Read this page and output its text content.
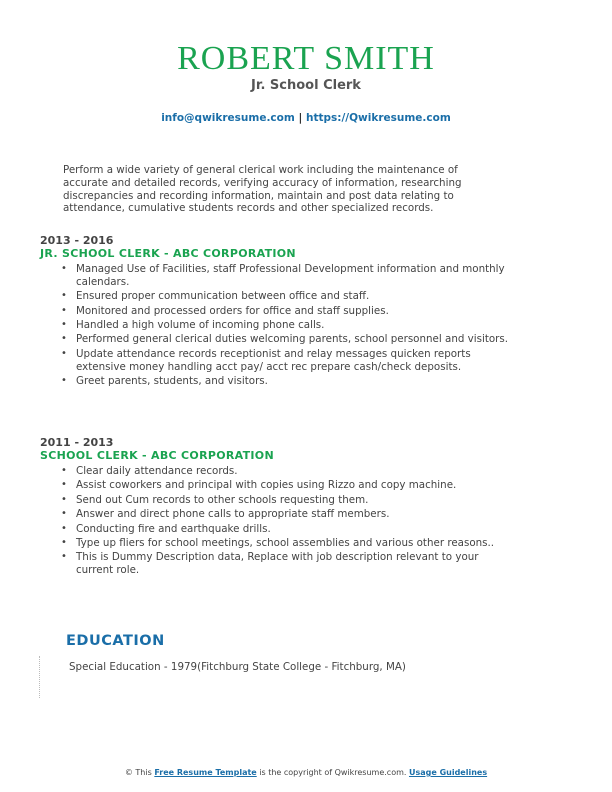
ROBERT SMITH
Jr. School Clerk
info@qwikresume.com | https://Qwikresume.com

Perform a wide variety of general clerical work including the maintenance of accurate and detailed records, verifying accuracy of information, researching discrepancies and recording information, maintain and post data relating to attendance, cumulative students records and other specialized records.

2013 - 2016
JR. SCHOOL CLERK - ABC CORPORATION
• Managed Use of Facilities, staff Professional Development information and monthly calendars.
• Ensured proper communication between office and staff.
• Monitored and processed orders for office and staff supplies.
• Handled a high volume of incoming phone calls.
• Performed general clerical duties welcoming parents, school personnel and visitors.
• Update attendance records receptionist and relay messages quicken reports extensive money handling acct pay/ acct rec prepare cash/check deposits.
• Greet parents, students, and visitors.
2011 - 2013
SCHOOL CLERK - ABC CORPORATION
• Clear daily attendance records.
• Assist coworkers and principal with copies using Rizzo and copy machine.
• Send out Cum records to other schools requesting them.
• Answer and direct phone calls to appropriate staff members.
• Conducting fire and earthquake drills.
• Type up fliers for school meetings, school assemblies and various other reasons..
• This is Dummy Description data, Replace with job description relevant to your current role.
EDUCATION
Special Education - 1979(Fitchburg State College - Fitchburg, MA)
© This Free Resume Template is the copyright of Qwikresume.com. Usage Guidelines
